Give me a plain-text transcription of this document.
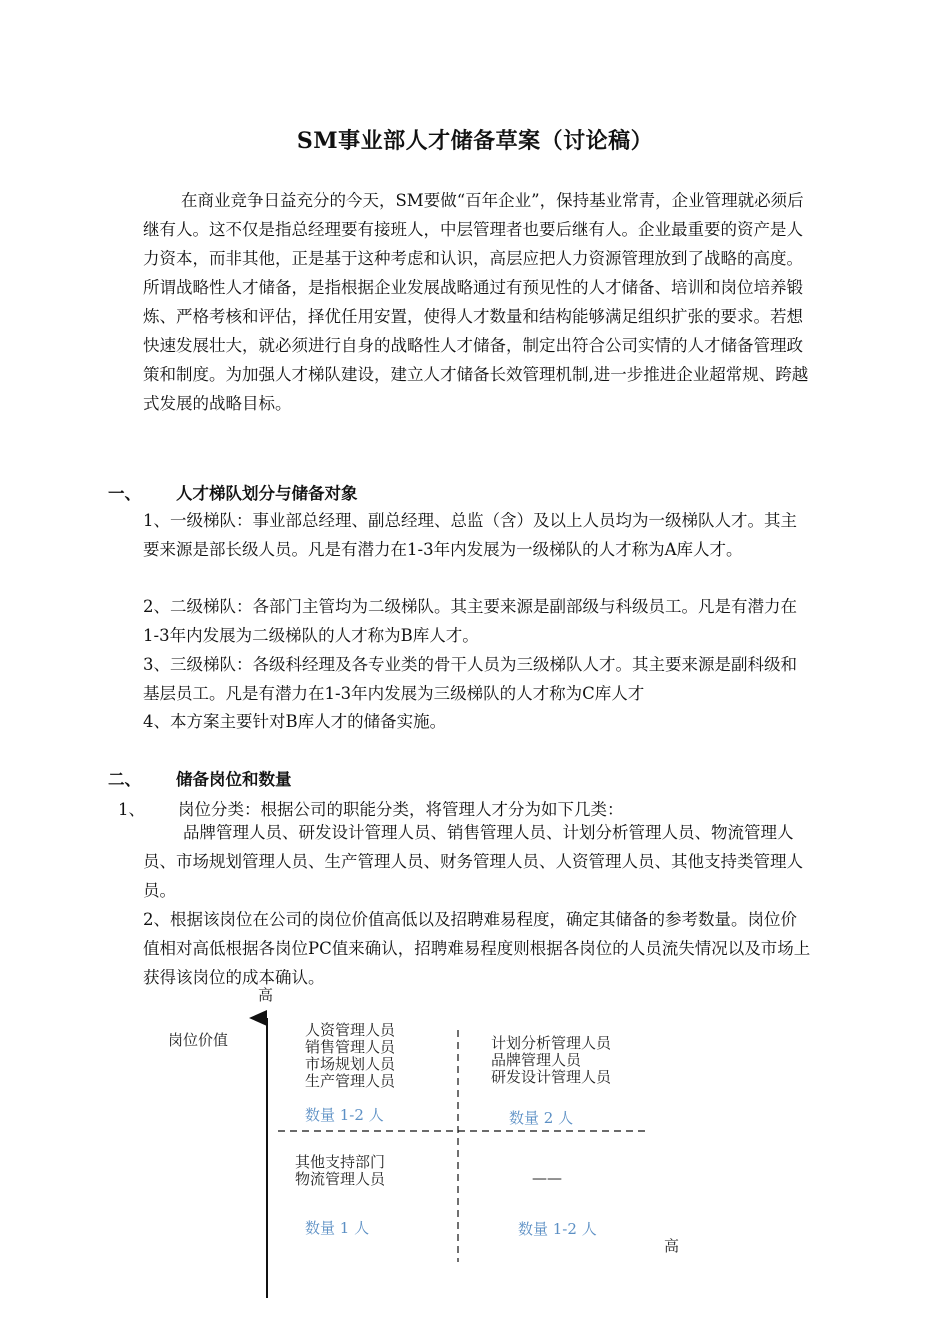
SM事业部人才储备草案（讨论稿）
在商业竞争日益充分的今天，SM要做“百年企业”，保持基业常青，企业管理就必须后继有人。这不仅是指总经理要有接班人，中层管理者也要后继有人。企业最重要的资产是人力资本，而非其他，正是基于这种考虑和认识，高层应把人力资源管理放到了战略的高度。所谓战略性人才储备，是指根据企业发展战略通过有预见性的人才储备、培训和岗位培养锻炼、严格考核和评估，择优任用安置，使得人才数量和结构能够满足组织扩张的要求。若想快速发展壮大，就必须进行自身的战略性人才储备，制定出符合公司实情的人才储备管理政策和制度。为加强人才梯队建设，建立人才储备长效管理机制,进一步推进企业超常规、跨越式发展的战略目标。
一、 人才梯队划分与储备对象
1、一级梯队：事业部总经理、副总经理、总监（含）及以上人员均为一级梯队人才。其主要来源是部长级人员。凡是有潜力在1-3年内发展为一级梯队的人才称为A库人才。
2、二级梯队：各部门主管均为二级梯队。其主要来源是副部级与科级员工。凡是有潜力在1-3年内发展为二级梯队的人才称为B库人才。
3、三级梯队：各级科经理及各专业类的骨干人员为三级梯队人才。其主要来源是副科级和基层员工。凡是有潜力在1-3年内发展为三级梯队的人才称为C库人才
4、本方案主要针对B库人才的储备实施。
二、 储备岗位和数量
1、 岗位分类：根据公司的职能分类，将管理人才分为如下几类：
品牌管理人员、研发设计管理人员、销售管理人员、计划分析管理人员、物流管理人员、市场规划管理人员、生产管理人员、财务管理人员、人资管理人员、其他支持类管理人员。
2、根据该岗位在公司的岗位价值高低以及招聘难易程度，确定其储备的参考数量。岗位价值相对高低根据各岗位PC值来确认，招聘难易程度则根据各岗位的人员流失情况以及市场上获得该岗位的成本确认。
高
岗位价值
高
人资管理人员
销售管理人员
市场规划人员
生产管理人员
数量 1-2 人
计划分析管理人员
品牌管理人员
研发设计管理人员
数量 2 人
其他支持部门
物流管理人员
数量 1 人
——
数量 1-2 人
